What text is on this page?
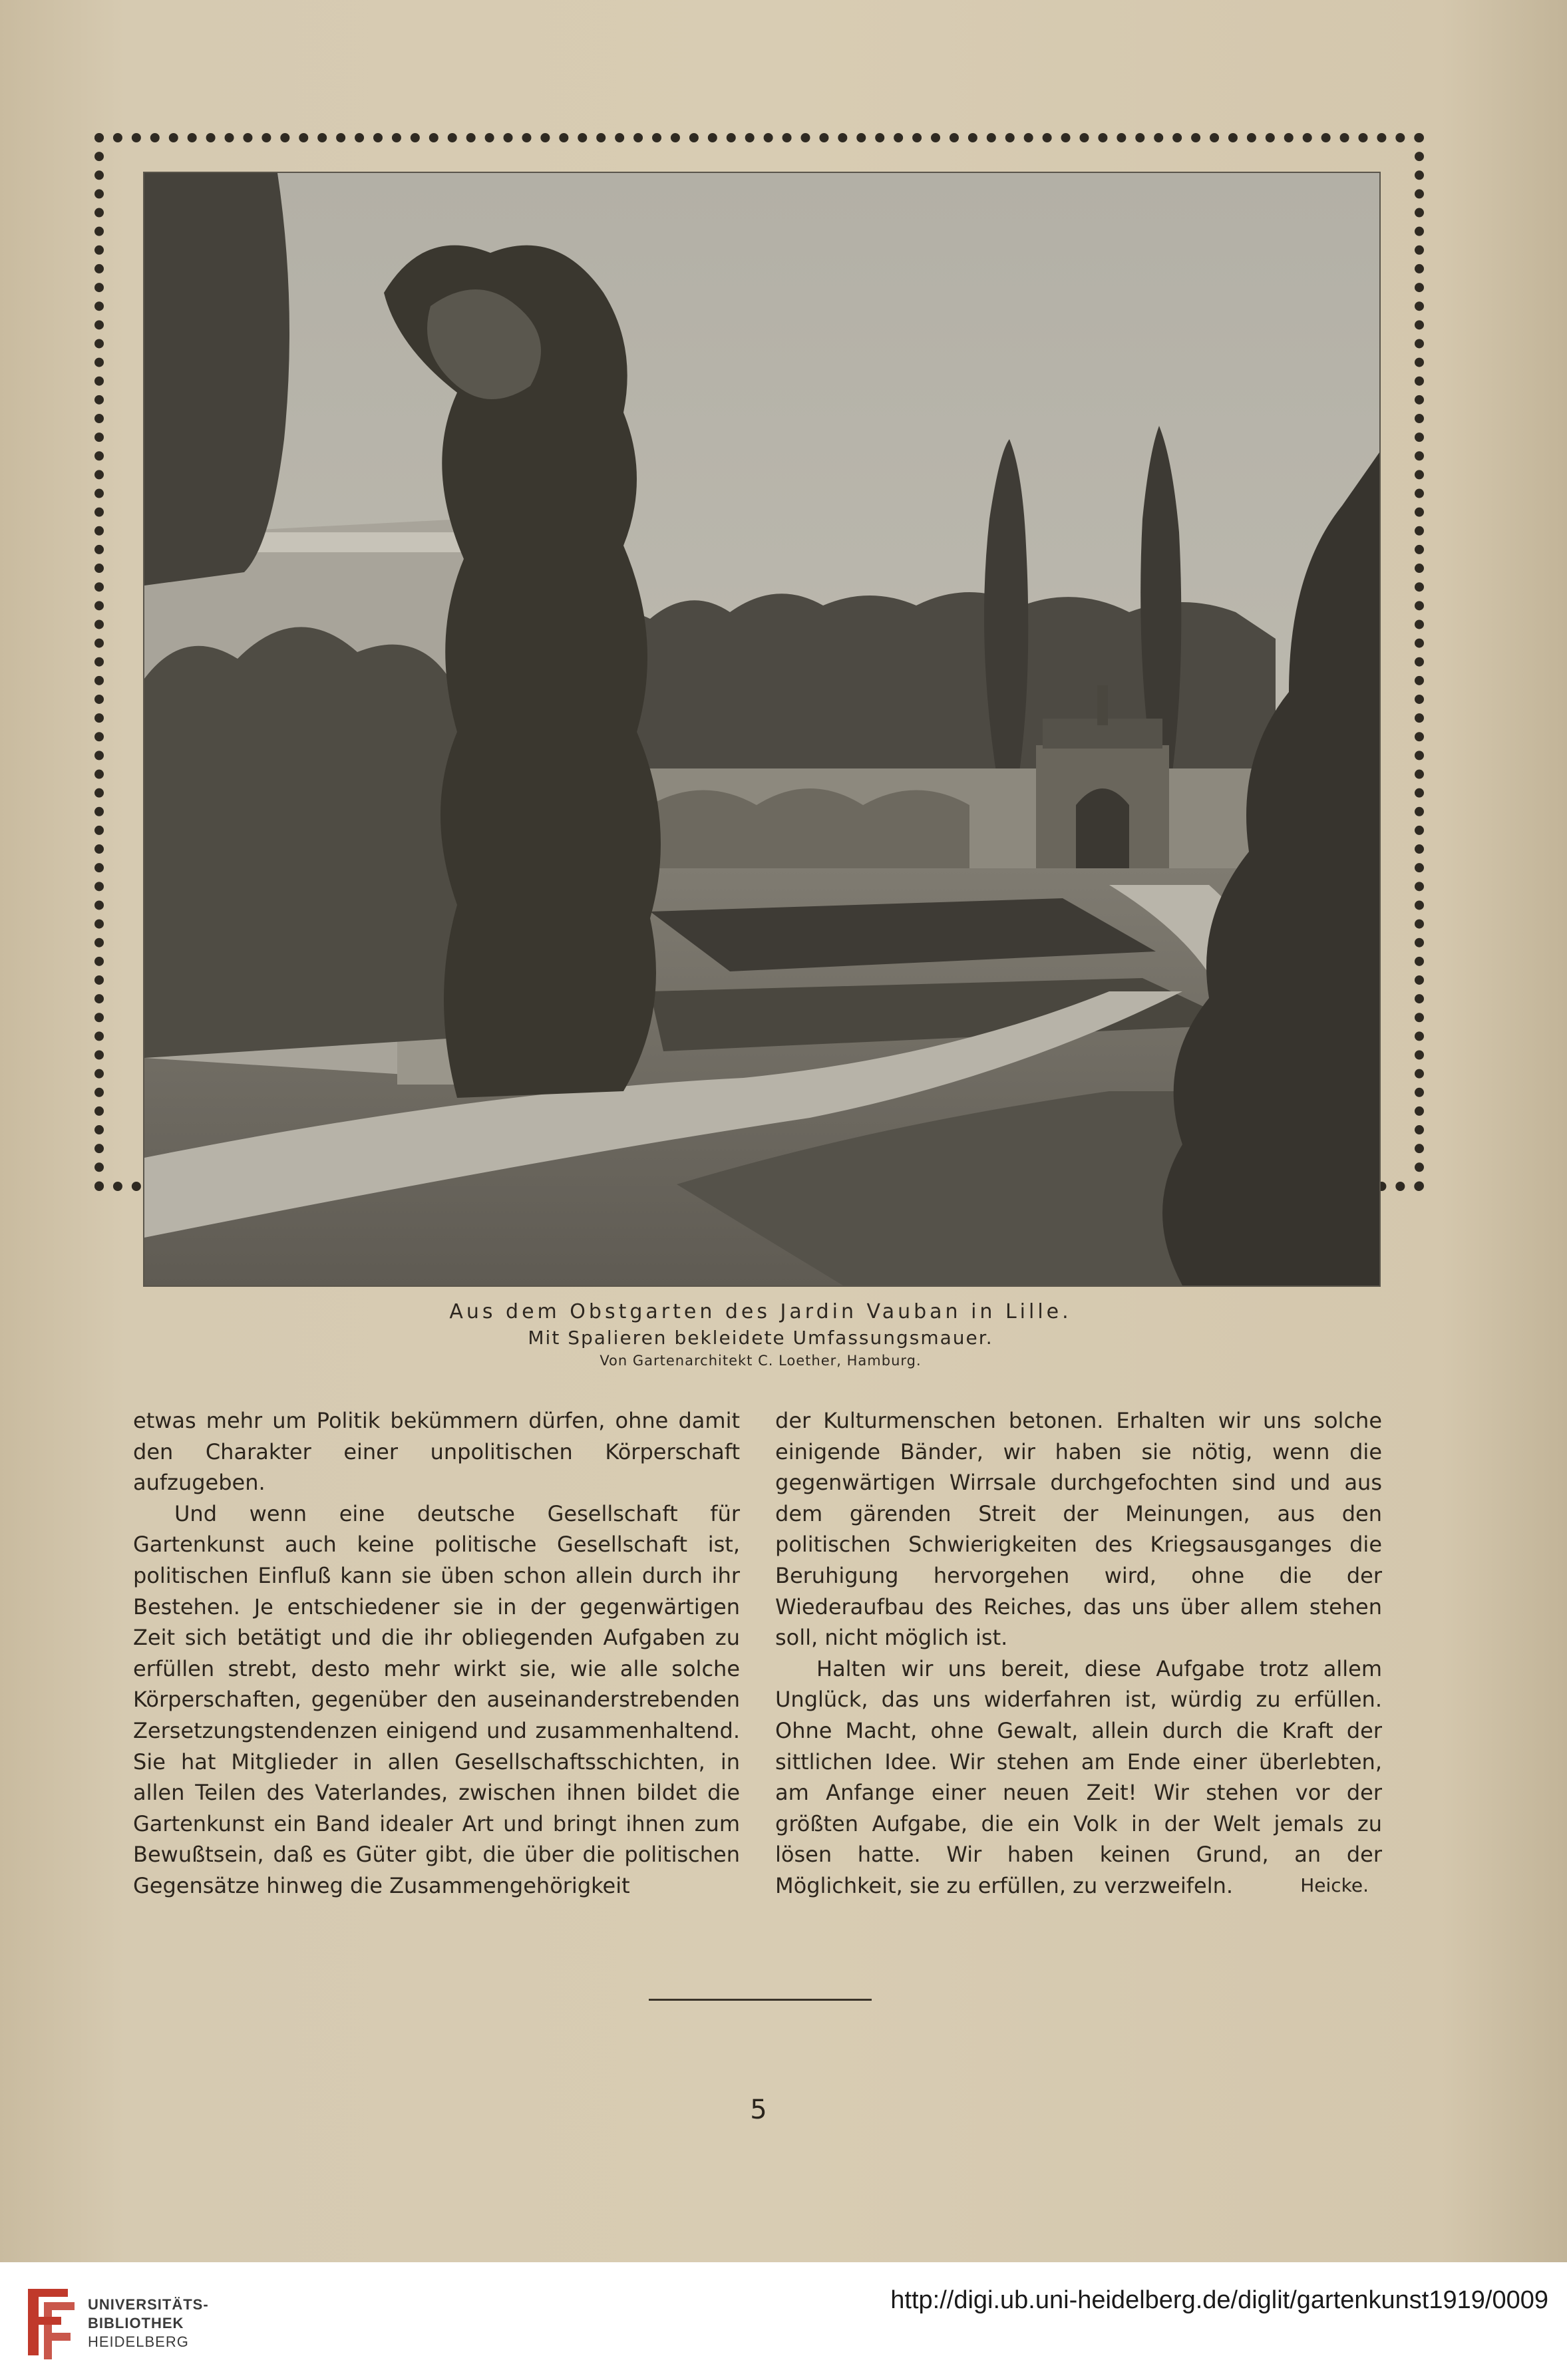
Aus dem Obstgarten des Jardin Vauban in Lille.
Mit Spalieren bekleidete Umfassungsmauer.
Von Gartenarchitekt C. Loether, Hamburg.

etwas mehr um Politik bekümmern dürfen, ohne damit den Charakter einer unpolitischen Körperschaft aufzugeben.

Und wenn eine deutsche Gesellschaft für Gartenkunst auch keine politische Gesellschaft ist, politischen Einfluß kann sie üben schon allein durch ihr Bestehen. Je entschiedener sie in der gegenwärtigen Zeit sich betätigt und die ihr obliegenden Aufgaben zu erfüllen strebt, desto mehr wirkt sie, wie alle solche Körperschaften, gegenüber den auseinanderstrebenden Zersetzungstendenzen einigend und zusammenhaltend. Sie hat Mitglieder in allen Gesellschaftsschichten, in allen Teilen des Vaterlandes, zwischen ihnen bildet die Gartenkunst ein Band idealer Art und bringt ihnen zum Bewußtsein, daß es Güter gibt, die über die politischen Gegensätze hinweg die Zusammengehörigkeit

der Kulturmenschen betonen. Erhalten wir uns solche einigende Bänder, wir haben sie nötig, wenn die gegenwärtigen Wirrsale durchgefochten sind und aus dem gärenden Streit der Meinungen, aus den politischen Schwierigkeiten des Kriegsausganges die Beruhigung hervorgehen wird, ohne die der Wiederaufbau des Reiches, das uns über allem stehen soll, nicht möglich ist.

Halten wir uns bereit, diese Aufgabe trotz allem Unglück, das uns widerfahren ist, würdig zu erfüllen. Ohne Macht, ohne Gewalt, allein durch die Kraft der sittlichen Idee. Wir stehen am Ende einer überlebten, am Anfange einer neuen Zeit! Wir stehen vor der größten Aufgabe, die ein Volk in der Welt jemals zu lösen hatte. Wir haben keinen Grund, an der Möglichkeit, sie zu erfüllen, zu verzweifeln.	Heicke.

5
UNIVERSITÄTS-
BIBLIOTHEK
HEIDELBERG
http://digi.ub.uni-heidelberg.de/diglit/gartenkunst1919/0009
